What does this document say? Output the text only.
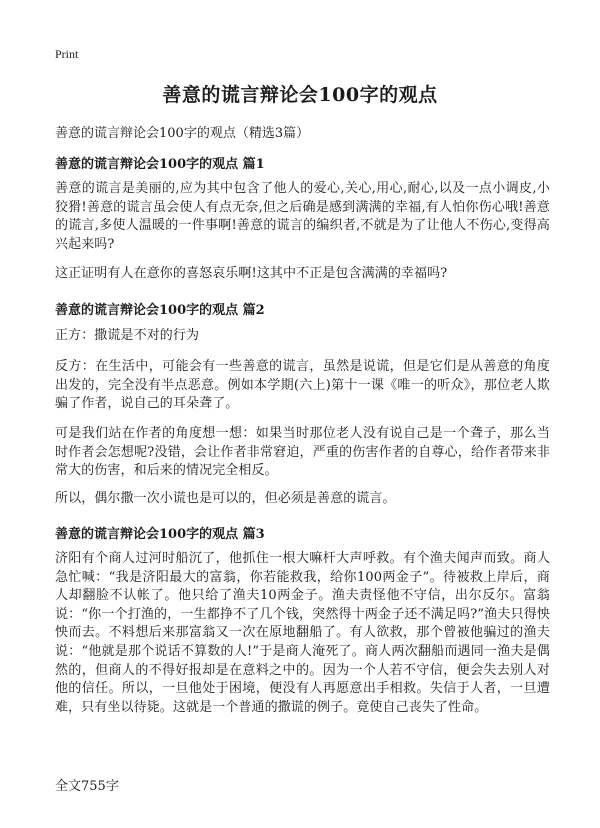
Print
善意的谎言辩论会100字的观点
善意的谎言辩论会100字的观点（精选3篇）
善意的谎言辩论会100字的观点 篇1
善意的谎言是美丽的,应为其中包含了他人的爱心,关心,用心,耐心,以及一点小调皮,小狡猾!善意的谎言虽会使人有点无奈,但之后确是感到满满的幸福,有人怕你伤心哦!善意的谎言,多使人温暖的一件事啊!善意的谎言的编织者,不就是为了让他人不伤心,变得高兴起来吗?
这正证明有人在意你的喜怒哀乐啊!这其中不正是包含满满的幸福吗?
善意的谎言辩论会100字的观点 篇2
正方：撒谎是不对的行为
反方：在生活中，可能会有一些善意的谎言，虽然是说谎，但是它们是从善意的角度出发的，完全没有半点恶意。例如本学期(六上)第十一课《唯一的听众》，那位老人欺骗了作者，说自己的耳朵聋了。
可是我们站在作者的角度想一想：如果当时那位老人没有说自己是一个聋子，那么当时作者会怎想呢?没错，会让作者非常窘迫，严重的伤害作者的自尊心，给作者带来非常大的伤害，和后来的情况完全相反。
所以，偶尔撒一次小谎也是可以的，但必须是善意的谎言。
善意的谎言辩论会100字的观点 篇3
济阳有个商人过河时船沉了，他抓住一根大嘛杆大声呼救。有个渔夫闻声而致。商人急忙喊：“我是济阳最大的富翁，你若能救我，给你100两金子”。待被救上岸后，商人却翻脸不认帐了。他只给了渔夫10两金子。渔夫责怪他不守信，出尔反尔。富翁说：“你一个打渔的，一生都挣不了几个钱，突然得十两金子还不满足吗?”渔夫只得怏怏而去。不料想后来那富翁又一次在原地翻船了。有人欲救，那个曾被他骗过的渔夫说：“他就是那个说话不算数的人!”于是商人淹死了。商人两次翻船而遇同一渔夫是偶然的，但商人的不得好报却是在意料之中的。因为一个人若不守信，便会失去别人对他的信任。所以，一旦他处于困境，便没有人再愿意出手相救。失信于人者，一旦遭难，只有坐以待毙。这就是一个普通的撒谎的例子。竟使自己丧失了性命。
全文755字
